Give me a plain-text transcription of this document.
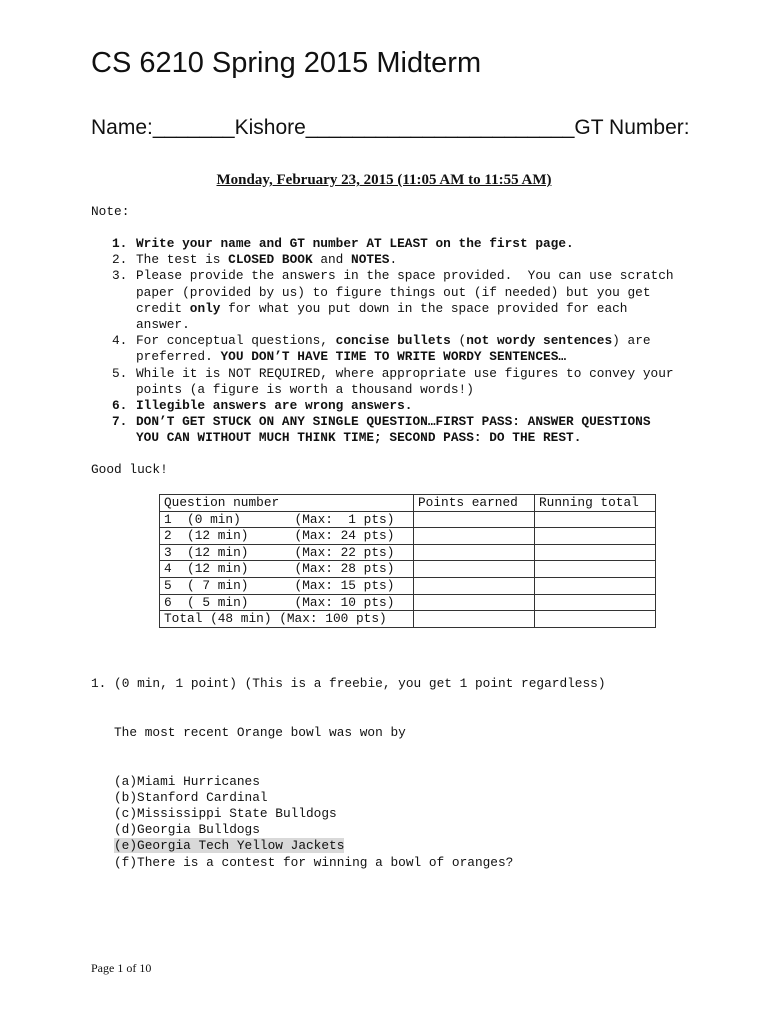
CS 6210 Spring 2015 Midterm
Name:_______Kishore_______________________GT Number:
Monday, February 23, 2015 (11:05 AM to 11:55 AM)
Note:
1. Write your name and GT number AT LEAST on the first page.
2. The test is CLOSED BOOK and NOTES.
3. Please provide the answers in the space provided.  You can use scratch
paper (provided by us) to figure things out (if needed) but you get
credit only for what you put down in the space provided for each
answer.
4. For conceptual questions, concise bullets (not wordy sentences) are
preferred. YOU DON’T HAVE TIME TO WRITE WORDY SENTENCES…
5. While it is NOT REQUIRED, where appropriate use figures to convey your
points (a figure is worth a thousand words!)
6. Illegible answers are wrong answers.
7. DON’T GET STUCK ON ANY SINGLE QUESTION…FIRST PASS: ANSWER QUESTIONS
YOU CAN WITHOUT MUCH THINK TIME; SECOND PASS: DO THE REST.
Good luck!
Question number	Points earned	Running total
1  (0 min)       (Max:  1 pts)		
2  (12 min)      (Max: 24 pts)		
3  (12 min)      (Max: 22 pts)		
4  (12 min)      (Max: 28 pts)		
5  ( 7 min)      (Max: 15 pts)		
6  ( 5 min)      (Max: 10 pts)		
Total (48 min) (Max: 100 pts)		

1. (0 min, 1 point) (This is a freebie, you get 1 point regardless)

The most recent Orange bowl was won by

(a)Miami Hurricanes
(b)Stanford Cardinal
(c)Mississippi State Bulldogs
(d)Georgia Bulldogs
(e)Georgia Tech Yellow Jackets
(f)There is a contest for winning a bowl of oranges?

Page 1 of 10
